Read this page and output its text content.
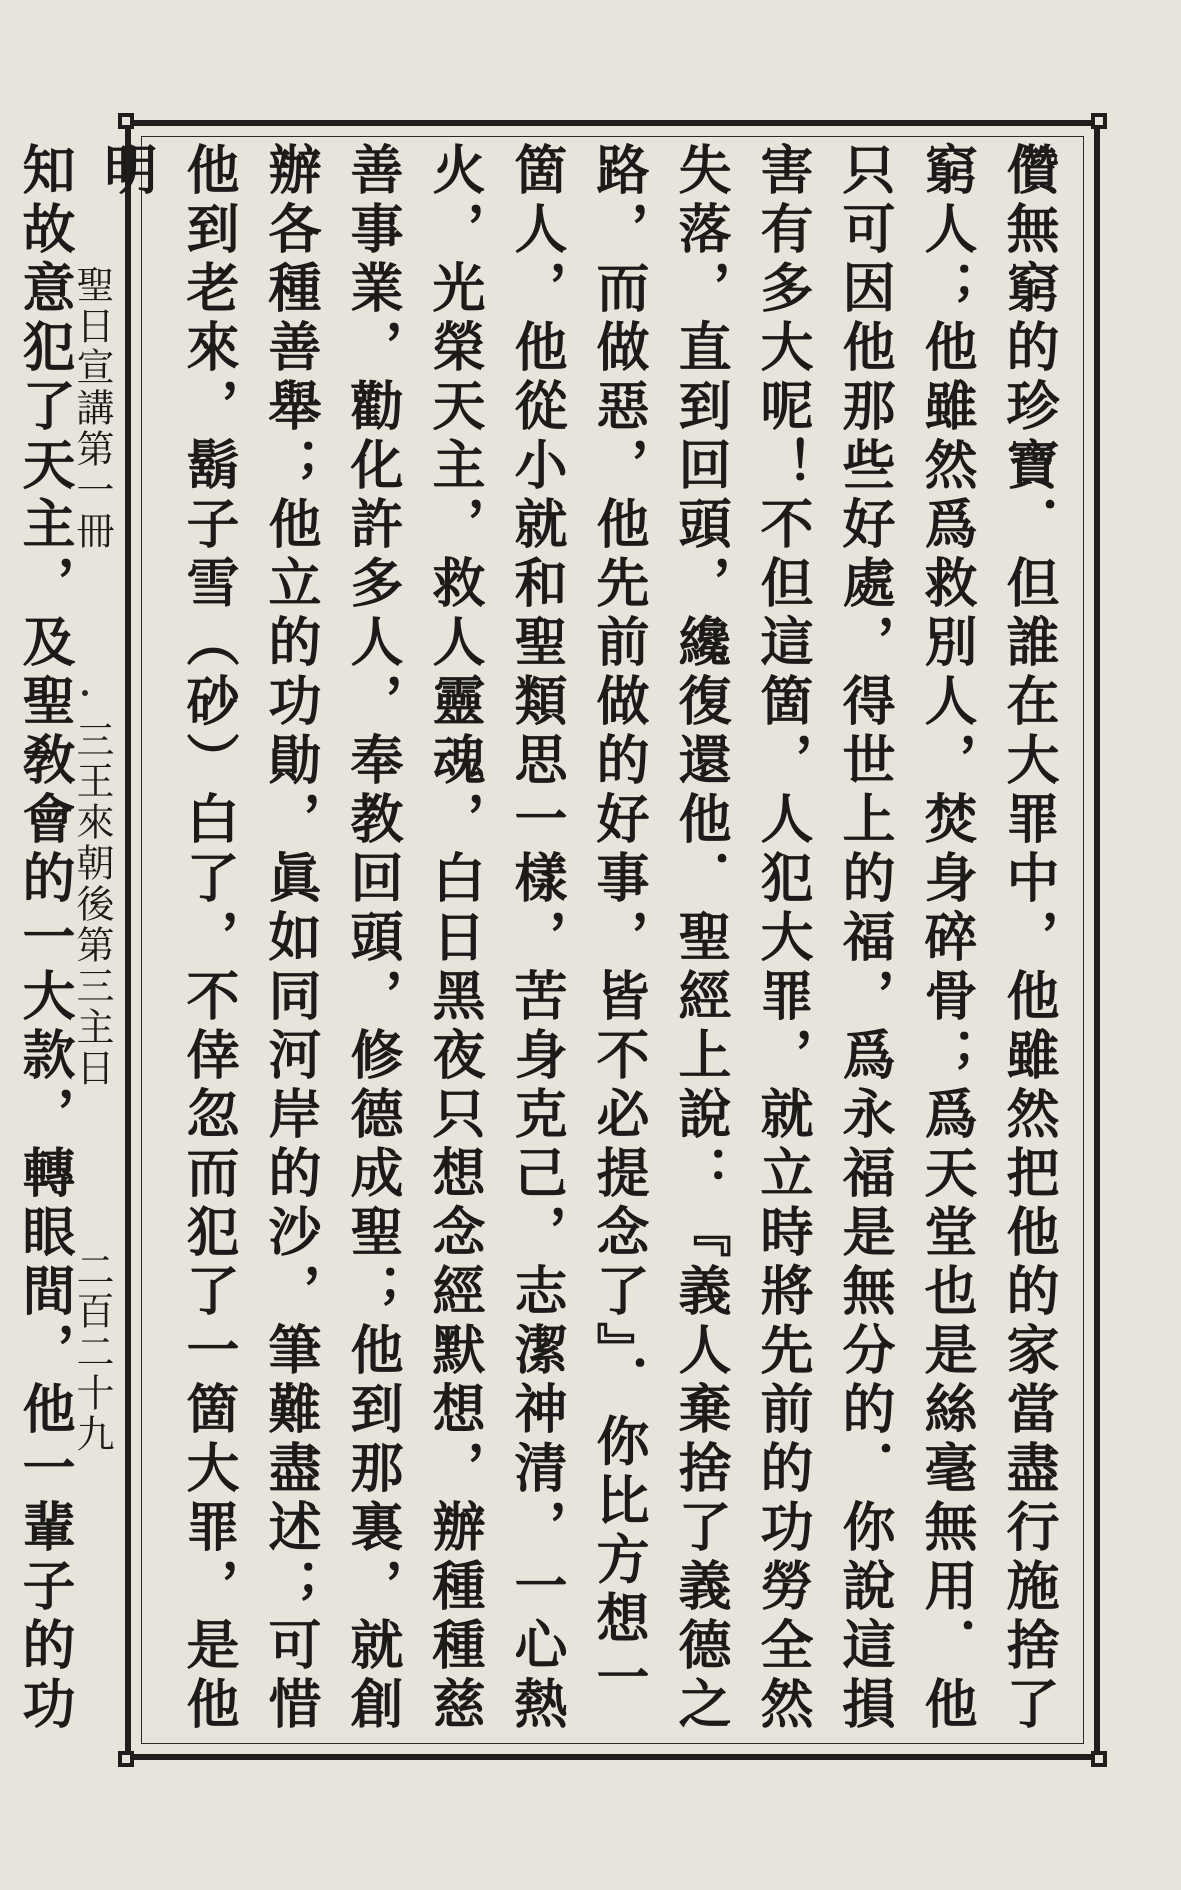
儹無窮的珍寶．但誰在大罪中，他雖然把他的家當盡行施捨了
窮人；他雖然爲救別人，焚身碎骨；爲天堂也是絲毫無用．他
只可因他那些好處，得世上的福，爲永福是無分的．你說這損
害有多大呢！不但這箇，人犯大罪，就立時將先前的功勞全然
失落，直到回頭，纔復還他．聖經上說：『義人棄捨了義德之
路，而做惡，他先前做的好事，皆不必提念了』．你比方想一
箇人，他從小就和聖類思一樣，苦身克己，志潔神清，一心熱
火，光榮天主，救人靈魂，白日黑夜只想念經默想，辦種種慈
善事業，勸化許多人，奉教回頭，修德成聖；他到那裏，就創
辦各種善舉；他立的功勛，眞如同河岸的沙，筆難盡述；可惜
他到老來，鬍子雪（砂）白了，不倖忽而犯了一箇大罪，是他明
知故意犯了天主，及聖敎會的一大款，轉眼間，他一輩子的功
聖日宣講第一冊
三王來朝後第三主日
二百二十九
